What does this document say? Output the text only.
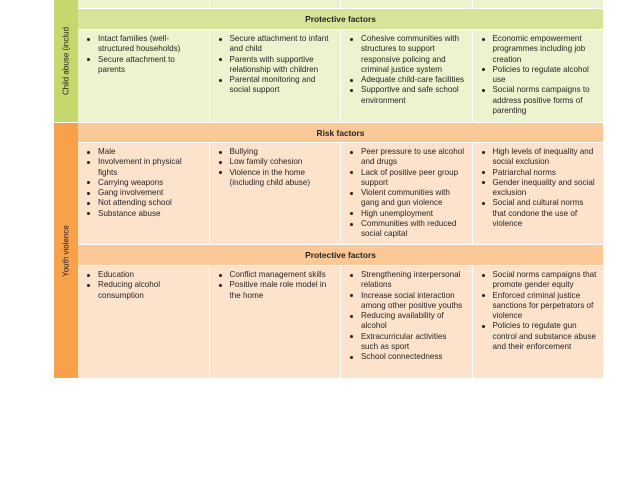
Child abuse (includ
Protective factors
Intact families (well-structured households)
Secure attachment to parents
Secure attachment to infant and child
Parents with supportive relationship with children
Parental monitoring and social support
Cohesive communities with structures to support responsive policing and criminal justice system
Adequate child-care facilities
Supportive and safe school environment
Economic empowerment programmes including job creation
Policies to regulate alcohol use
Social norms campaigns to address positive forms of parenting
Youth violence
Risk factors
Male
Involvement in physical fights
Carrying weapons
Gang involvement
Not attending school
Substance abuse
Bullying
Low family cohesion
Violence in the home (including child abuse)
Peer pressure to use alcohol and drugs
Lack of positive peer group support
Violent communities with gang and gun violence
High unemployment
Communities with reduced social capital
High levels of inequality and social exclusion
Patriarchal norms
Gender inequality and social exclusion
Social and cultural norms that condone the use of violence
Protective factors
Education
Reducing alcohol consumption
Conflict management skills
Positive male role model in the home
Strengthening interpersonal relations
Increase social interaction among other positive youths
Reducing availability of alcohol
Extracurricular activities such as sport
School connectedness
Social norms campaigns that promote gender equity
Enforced criminal justice sanctions for perpetrators of violence
Policies to regulate gun control and substance abuse and their enforcement
